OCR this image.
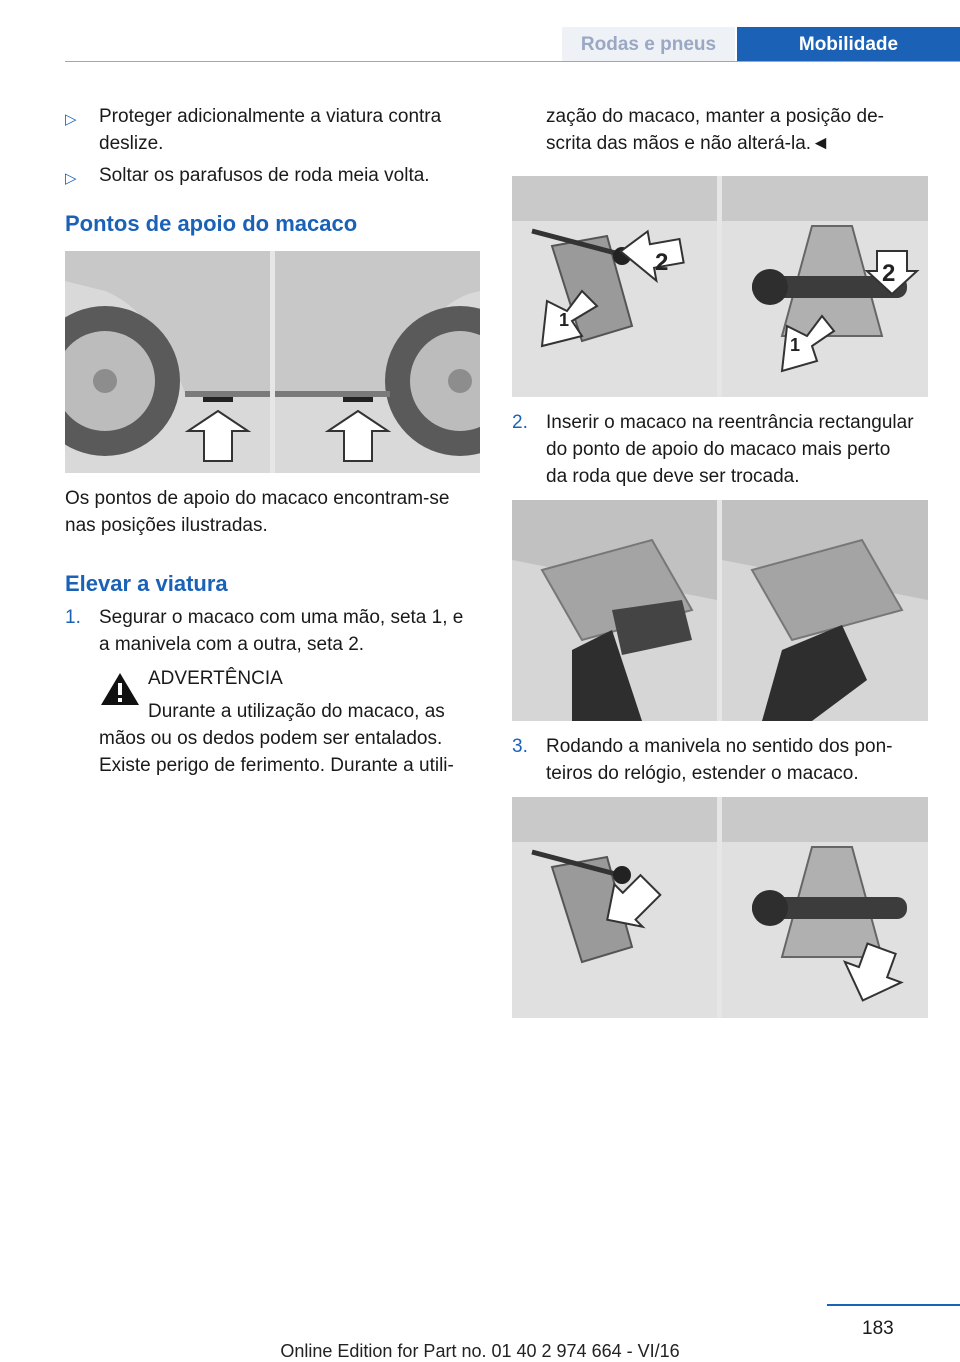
Rodas e pneus	Mobilidade
▷ Proteger adicionalmente a viatura contra
deslize.
▷ Soltar os parafusos de roda meia volta.
Pontos de apoio do macaco
Os pontos de apoio do macaco encontram-se
nas posições ilustradas.
Elevar a viatura
1. Segurar o macaco com uma mão, seta 1, e
a manivela com a outra, seta 2.
ADVERTÊNCIA
Durante a utilização do macaco, as
mãos ou os dedos podem ser entalados.
Existe perigo de ferimento. Durante a utili-
zação do macaco, manter a posição de-
scrita das mãos e não alterá-la.◄
2
1
2
1
2. Inserir o macaco na reentrância rectangular
do ponto de apoio do macaco mais perto
da roda que deve ser trocada.
3. Rodando a manivela no sentido dos pon-
teiros do relógio, estender o macaco.
183
Online Edition for Part no. 01 40 2 974 664 - VI/16
